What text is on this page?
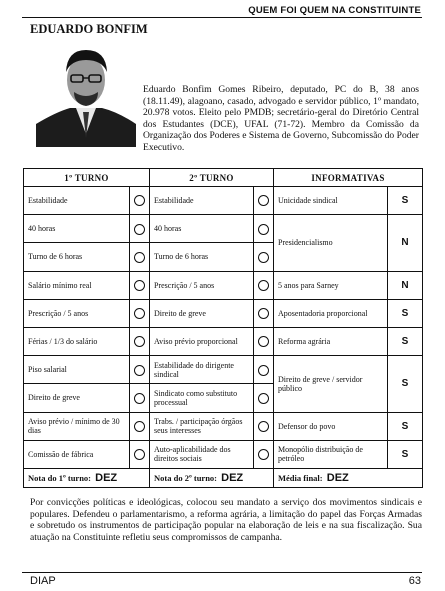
QUEM FOI QUEM NA CONSTITUINTE
EDUARDO BONFIM
Eduardo Bonfim Gomes Ribeiro, deputado, PC do B, 38 anos (18.11.49), alagoano, casado, advogado e servidor público, 1º mandato, 20.978 votos. Eleito pelo PMDB; secretário-geral do Diretório Central dos Estudantes (DCE), UFAL (71-72). Membro da Comissão da Organização dos Poderes e Sistema de Governo, Subcomissão do Poder Executivo.
1º TURNO		2º TURNO		INFORMATIVAS	
Estabilidade		Estabilidade		Unicidade sindical	S
40 horas		40 horas		Presidencialismo	N
Turno de 6 horas		Turno de 6 horas			
Salário mínimo real		Prescrição / 5 anos		5 anos para Sarney	N
Prescrição / 5 anos		Direito de greve		Aposentadoria proporcional	S
Férias / 1/3 do salário		Aviso prévio proporcional		Reforma agrária	S
Piso salarial		Estabilidade do dirigente sindical		Direito de greve / servidor público	S
Direito de greve		Sindicato como substituto processual			
Aviso prévio / mínimo de 30 dias		Trabs. / participação órgãos seus interesses		Defensor do povo	S
Comissão de fábrica		Auto-aplicabilidade dos direitos sociais		Monopólio distribuição de petróleo	S
Nota do 1º turno: DEZ		Nota do 2º turno: DEZ		Média final: DEZ	
Por convicções políticas e ideológicas, colocou seu mandato a serviço dos movimentos sindicais e populares. Defendeu o parlamentarismo, a reforma agrária, a limitação do papel das Forças Armadas e sobretudo os instrumentos de participação popular na elaboração de leis e na sua fiscalização. Sua atuação na Constituinte refletiu seus compromissos de campanha.
DIAP	63
